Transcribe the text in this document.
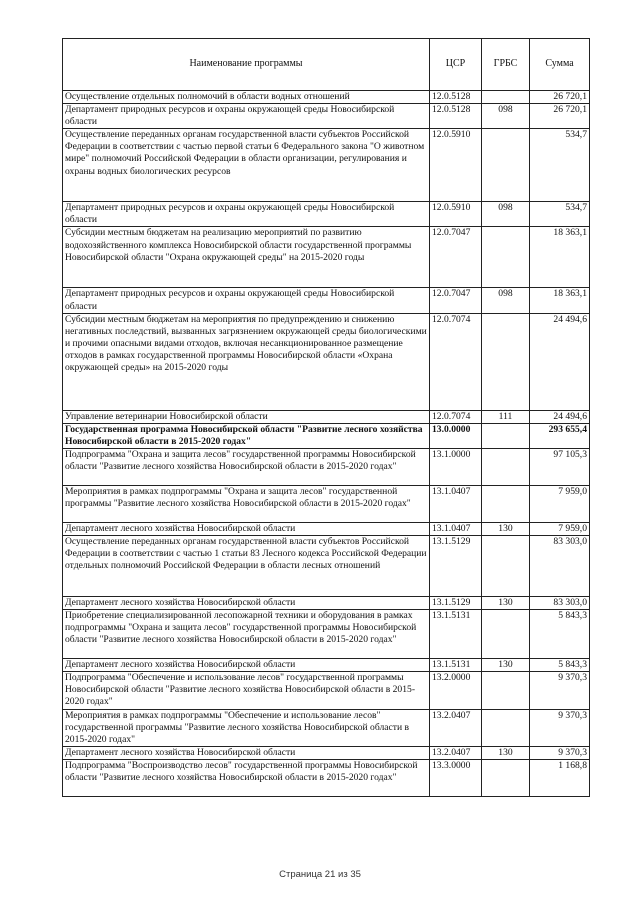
Наименование программы	ЦСР	ГРБС	Сумма
Осуществление отдельных полномочий в области водных отношений	12.0.5128		26 720,1
Департамент природных ресурсов и охраны окружающей среды Новосибирской области	12.0.5128	098	26 720,1
Осуществление переданных органам государственной власти субъектов Российской Федерации в соответствии с частью первой статьи 6 Федерального закона "О животном мире" полномочий Российской Федерации в области организации, регулирования и охраны водных биологических ресурсов	12.0.5910		534,7
Департамент природных ресурсов и охраны окружающей среды Новосибирской области	12.0.5910	098	534,7
Субсидии местным бюджетам на реализацию мероприятий по развитию водохозяйственного комплекса Новосибирской области государственной программы Новосибирской области "Охрана окружающей среды" на 2015-2020 годы	12.0.7047		18 363,1
Департамент природных ресурсов и охраны окружающей среды Новосибирской области	12.0.7047	098	18 363,1
Субсидии местным бюджетам на мероприятия по предупреждению и снижению негативных последствий, вызванных загрязнением окружающей среды биологическими и прочими опасными видами отходов, включая несанкционированное размещение отходов в рамках государственной программы Новосибирской области «Охрана окружающей среды» на 2015-2020 годы	12.0.7074		24 494,6
Управление ветеринарии Новосибирской области	12.0.7074	111	24 494,6
Государственная программа Новосибирской области "Развитие лесного хозяйства Новосибирской области в 2015-2020 годах"	13.0.0000		293 655,4
Подпрограмма "Охрана и защита лесов" государственной программы Новосибирской области "Развитие лесного хозяйства Новосибирской области в 2015-2020 годах"	13.1.0000		97 105,3
Мероприятия в рамках подпрограммы "Охрана и защита лесов" государственной программы "Развитие лесного хозяйства Новосибирской области в 2015-2020 годах"	13.1.0407		7 959,0
Департамент лесного хозяйства Новосибирской области	13.1.0407	130	7 959,0
Осуществление переданных органам государственной власти субъектов Российской Федерации в соответствии с частью 1 статьи 83 Лесного кодекса Российской Федерации отдельных полномочий Российской Федерации в области лесных отношений	13.1.5129		83 303,0
Департамент лесного хозяйства Новосибирской области	13.1.5129	130	83 303,0
Приобретение специализированной лесопожарной техники и оборудования в рамках подпрограммы "Охрана и защита лесов" государственной программы Новосибирской области "Развитие лесного хозяйства Новосибирской области в 2015-2020 годах"	13.1.5131		5 843,3
Департамент лесного хозяйства Новосибирской области	13.1.5131	130	5 843,3
Подпрограмма "Обеспечение и использование лесов" государственной программы Новосибирской области "Развитие лесного хозяйства Новосибирской области в 2015-2020 годах"	13.2.0000		9 370,3
Мероприятия в рамках подпрограммы "Обеспечение и использование лесов" государственной программы "Развитие лесного хозяйства Новосибирской области в 2015-2020 годах"	13.2.0407		9 370,3
Департамент лесного хозяйства Новосибирской области	13.2.0407	130	9 370,3
Подпрограмма "Воспроизводство лесов" государственной программы Новосибирской области "Развитие лесного хозяйства Новосибирской области в 2015-2020 годах"	13.3.0000		1 168,8
Страница 21 из 35
